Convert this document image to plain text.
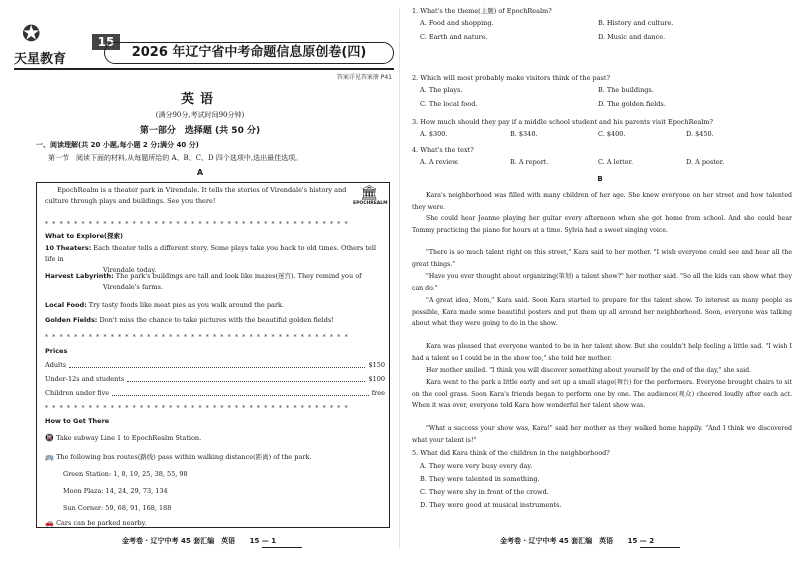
✪
天星教育
15
2026 年辽宁省中考命题信息原创卷(四)
答案详见答案册 P41
英语
(满分90分,考试时间90分钟)
第一部分　选择题 (共 50 分)
一、阅读理解(共 20 小题,每小题 2 分;满分 40 分)
第一节　阅读下面的材料,从每题所给的 A、B、C、D 四个选项中,选出最佳选项。
A
🏛
EPOCHREALM
EpochRealm is a theater park in Virendale. It tells the stories of Virendale's history and culture through plays and buildings. See you there!
* * * * * * * * * * * * * * * * * * * * * * * * * * * * * * * * * * * * * * * * * *
What to Explore(探索)
10 Theaters: Each theater tells a different story. Some plays take you back to old times. Others tell life in
Virendale today.
Harvest Labyrinth: The park's buildings are tall and look like mazes(迷宫). They remind you of
Virendale's farms.
Local Food: Try tasty foods like meat pies as you walk around the park.
Golden Fields: Don't miss the chance to take pictures with the beautiful golden fields!
* * * * * * * * * * * * * * * * * * * * * * * * * * * * * * * * * * * * * * * * * *
Prices
Adults	$150
Under-12s and students	$100
Children under five	free
* * * * * * * * * * * * * * * * * * * * * * * * * * * * * * * * * * * * * * * * * *
How to Get There
🚇 Take subway Line 1 to EpochRealm Station.
🚌 The following bus routes(路线) pass within walking distance(距离) of the park.
Green Station: 1, 8, 19, 25, 38, 55, 98
Moon Plaza: 14, 24, 29, 73, 134
Sun Corner: 59, 68, 91, 168, 188
🚗 Cars can be parked nearby.
金考卷 · 辽宁中考 45 套汇编　英语 15 — 1
1. What's the theme(主题) of EpochRealm?
A. Food and shopping.	B. History and culture.
C. Earth and nature.	D. Music and dance.
2. Which will most probably make visitors think of the past?
A. The plays.	B. The buildings.
C. The local food.	D. The golden fields.
3. How much should they pay if a middle school student and his parents visit EpochRealm?
A. $300.	B. $340.	C. $400.	D. $450.
4. What's the text?
A. A review.	B. A report.	C. A letter.	D. A poster.
Kara's neighborhood was filled with many children of her age. She knew everyone on her street and how talented they were.
She could hear Joanne playing her guitar every afternoon when she got home from school. And she could hear Tommy practicing the piano for hours at a time. Sylvia had a sweet singing voice.
"There is so much talent right on this street," Kara said to her mother. "I wish everyone could see and hear all the great things."
"Have you ever thought about organizing(策划) a talent show?" her mother said. "So all the kids can show what they can do."
"A great idea, Mom," Kara said. Soon Kara started to prepare for the talent show. To interest as many people as possible, Kara made some beautiful posters and put them up all around her neighborhood. Soon, everyone was talking about what they were going to do in the show.
Kara was pleased that everyone wanted to be in her talent show. But she couldn't help feeling a little sad. "I wish I had a talent so I could be in the show too," she told her mother.
Her mother smiled. "I think you will discover something about yourself by the end of the day," she said.
Kara went to the park a little early and set up a small stage(舞台) for the performers. Everyone brought chairs to sit on the cool grass. Soon Kara's friends began to perform one by one. The audience(观众) cheered loudly after each act. When it was over, everyone told Kara how wonderful her talent show was.
"What a success your show was, Kara!" said her mother as they walked home happily. "And I think we discovered what your talent is!"
5. What did Kara think of the children in the neighborhood?
A. They were very busy every day.
B. They were talented in something.
C. They were shy in front of the crowd.
D. They were good at musical instruments.
金考卷 · 辽宁中考 45 套汇编　英语 15 — 2
B
